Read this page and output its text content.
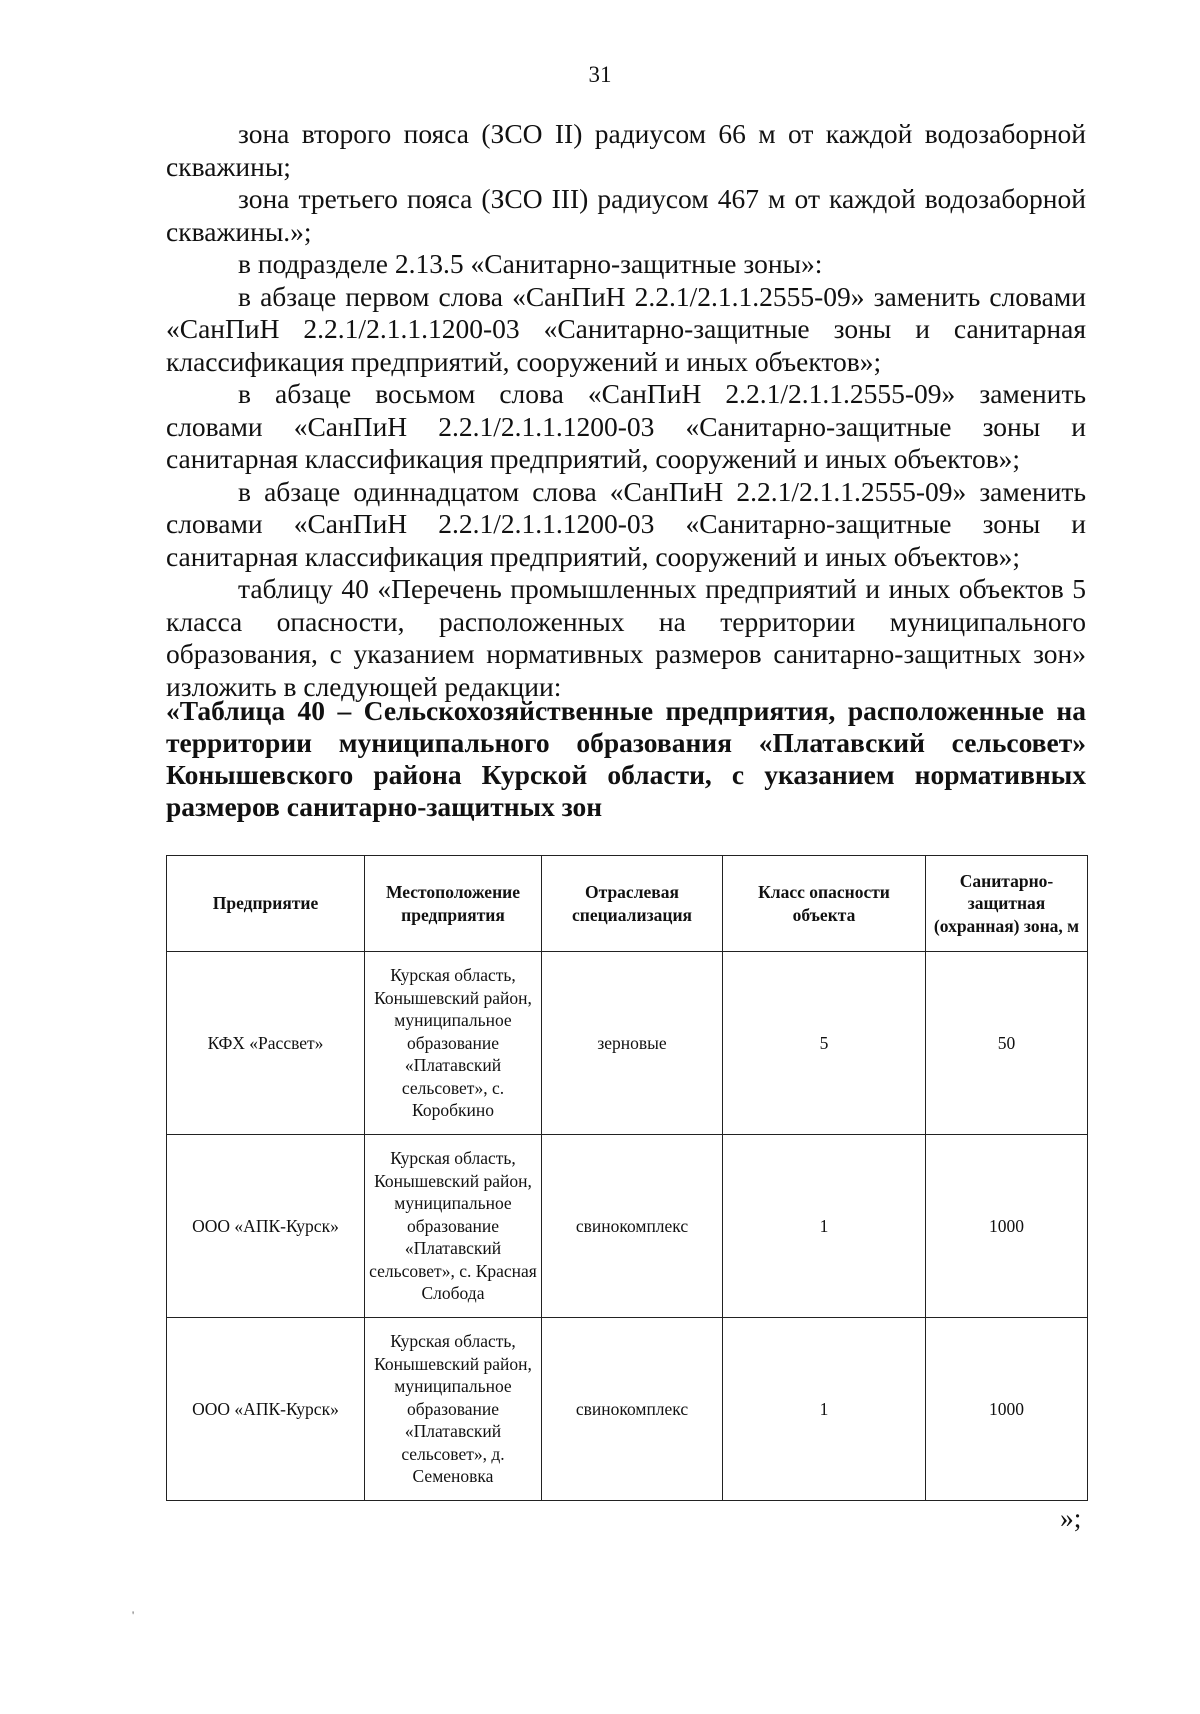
31

зона второго пояса (ЗСО II) радиусом 66 м от каждой водозаборной скважины;

зона третьего пояса (ЗСО III) радиусом 467 м от каждой водозаборной скважины.»;

в подразделе 2.13.5 «Санитарно-защитные зоны»:

в абзаце первом слова «СанПиН 2.2.1/2.1.1.2555-09» заменить словами «СанПиН 2.2.1/2.1.1.1200-03 «Санитарно-защитные зоны и санитарная классификация предприятий, сооружений и иных объектов»;

в абзаце восьмом слова «СанПиН 2.2.1/2.1.1.2555-09» заменить словами «СанПиН 2.2.1/2.1.1.1200-03 «Санитарно-защитные зоны и санитарная классификация предприятий, сооружений и иных объектов»;

в абзаце одиннадцатом слова «СанПиН 2.2.1/2.1.1.2555-09» заменить словами «СанПиН 2.2.1/2.1.1.1200-03 «Санитарно-защитные зоны и санитарная классификация предприятий, сооружений и иных объектов»;

таблицу 40 «Перечень промышленных предприятий и иных объектов 5 класса опасности, расположенных на территории муниципального образования, с указанием нормативных размеров санитарно-защитных зон» изложить в следующей редакции:

«Таблица 40 – Сельскохозяйственные предприятия, расположенные на территории муниципального образования «Платавский сельсовет» Конышевского района Курской области, с указанием нормативных размеров санитарно-защитных зон
Предприятие	Местоположение предприятия	Отраслевая специализация	Класс опасности объекта	Санитарно-защитная (охранная) зона, м
КФХ «Рассвет»	Курская область, Конышевский район, муниципальное образование «Платавский сельсовет», с. Коробкино	зерновые	5	50
ООО «АПК-Курск»	Курская область, Конышевский район, муниципальное образование «Платавский сельсовет», с. Красная Слобода	свинокомплекс	1	1000
ООО «АПК-Курск»	Курская область, Конышевский район, муниципальное образование «Платавский сельсовет», д. Семеновка	свинокомплекс	1	1000
»;
'
